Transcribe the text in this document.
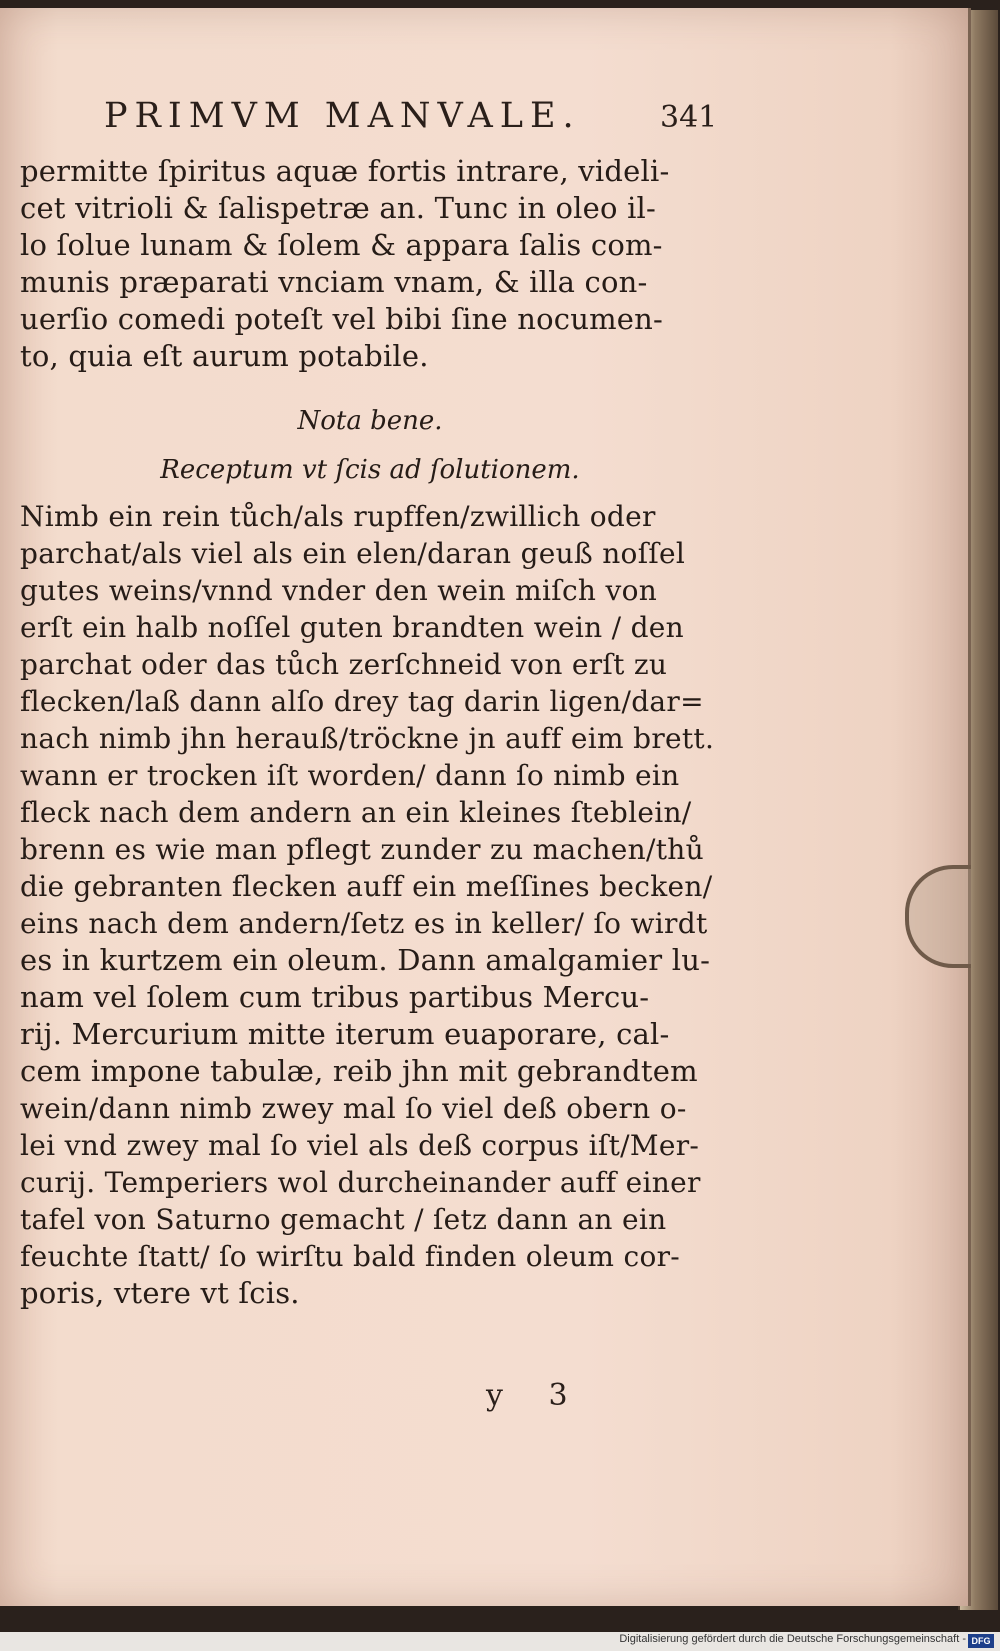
PRIMVM MANVALE.	341
permitte ſpiritus aquæ fortis intrare, videli-
cet vitrioli & ſalispetræ an. Tunc in oleo il-
lo ſolue lunam & ſolem & appara ſalis com-
munis præparati vnciam vnam, & illa con-
uerſio comedi poteſt vel bibi ſine nocumen-
to, quia eſt aurum potabile.
Nota bene.
Receptum vt ſcis ad ſolutionem.
Nimb ein rein tůch/als rupffen/zwillich oder
parchat/als viel als ein elen/daran geuß noſſel
gutes weins/vnnd vnder den wein miſch von
erſt ein halb noſſel guten brandten wein / den
parchat oder das tůch zerſchneid von erſt zu
flecken/laß dann alſo drey tag darin ligen/dar=
nach nimb jhn herauß/tröckne jn auff eim brett.
wann er trocken iſt worden/ dann ſo nimb ein
fleck nach dem andern an ein kleines ſteblein/
brenn es wie man pflegt zunder zu machen/thů
die gebranten flecken auff ein meſſines becken/
eins nach dem andern/ſetz es in keller/ ſo wirdt
es in kurtzem ein oleum. Dann amalgamier lu-
nam vel ſolem cum tribus partibus Mercu-
rij. Mercurium mitte iterum euaporare, cal-
cem impone tabulæ, reib jhn mit gebrandtem
wein/dann nimb zwey mal ſo viel deß obern o-
lei vnd zwey mal ſo viel als deß corpus iſt/Mer-
curij. Temperiers wol durcheinander auff einer
tafel von Saturno gemacht / ſetz dann an ein
feuchte ſtatt/ ſo wirſtu bald finden oleum cor-
poris, vtere vt ſcis.
y 3
Digitalisierung gefördert durch die Deutsche Forschungsgemeinschaft - DFG
